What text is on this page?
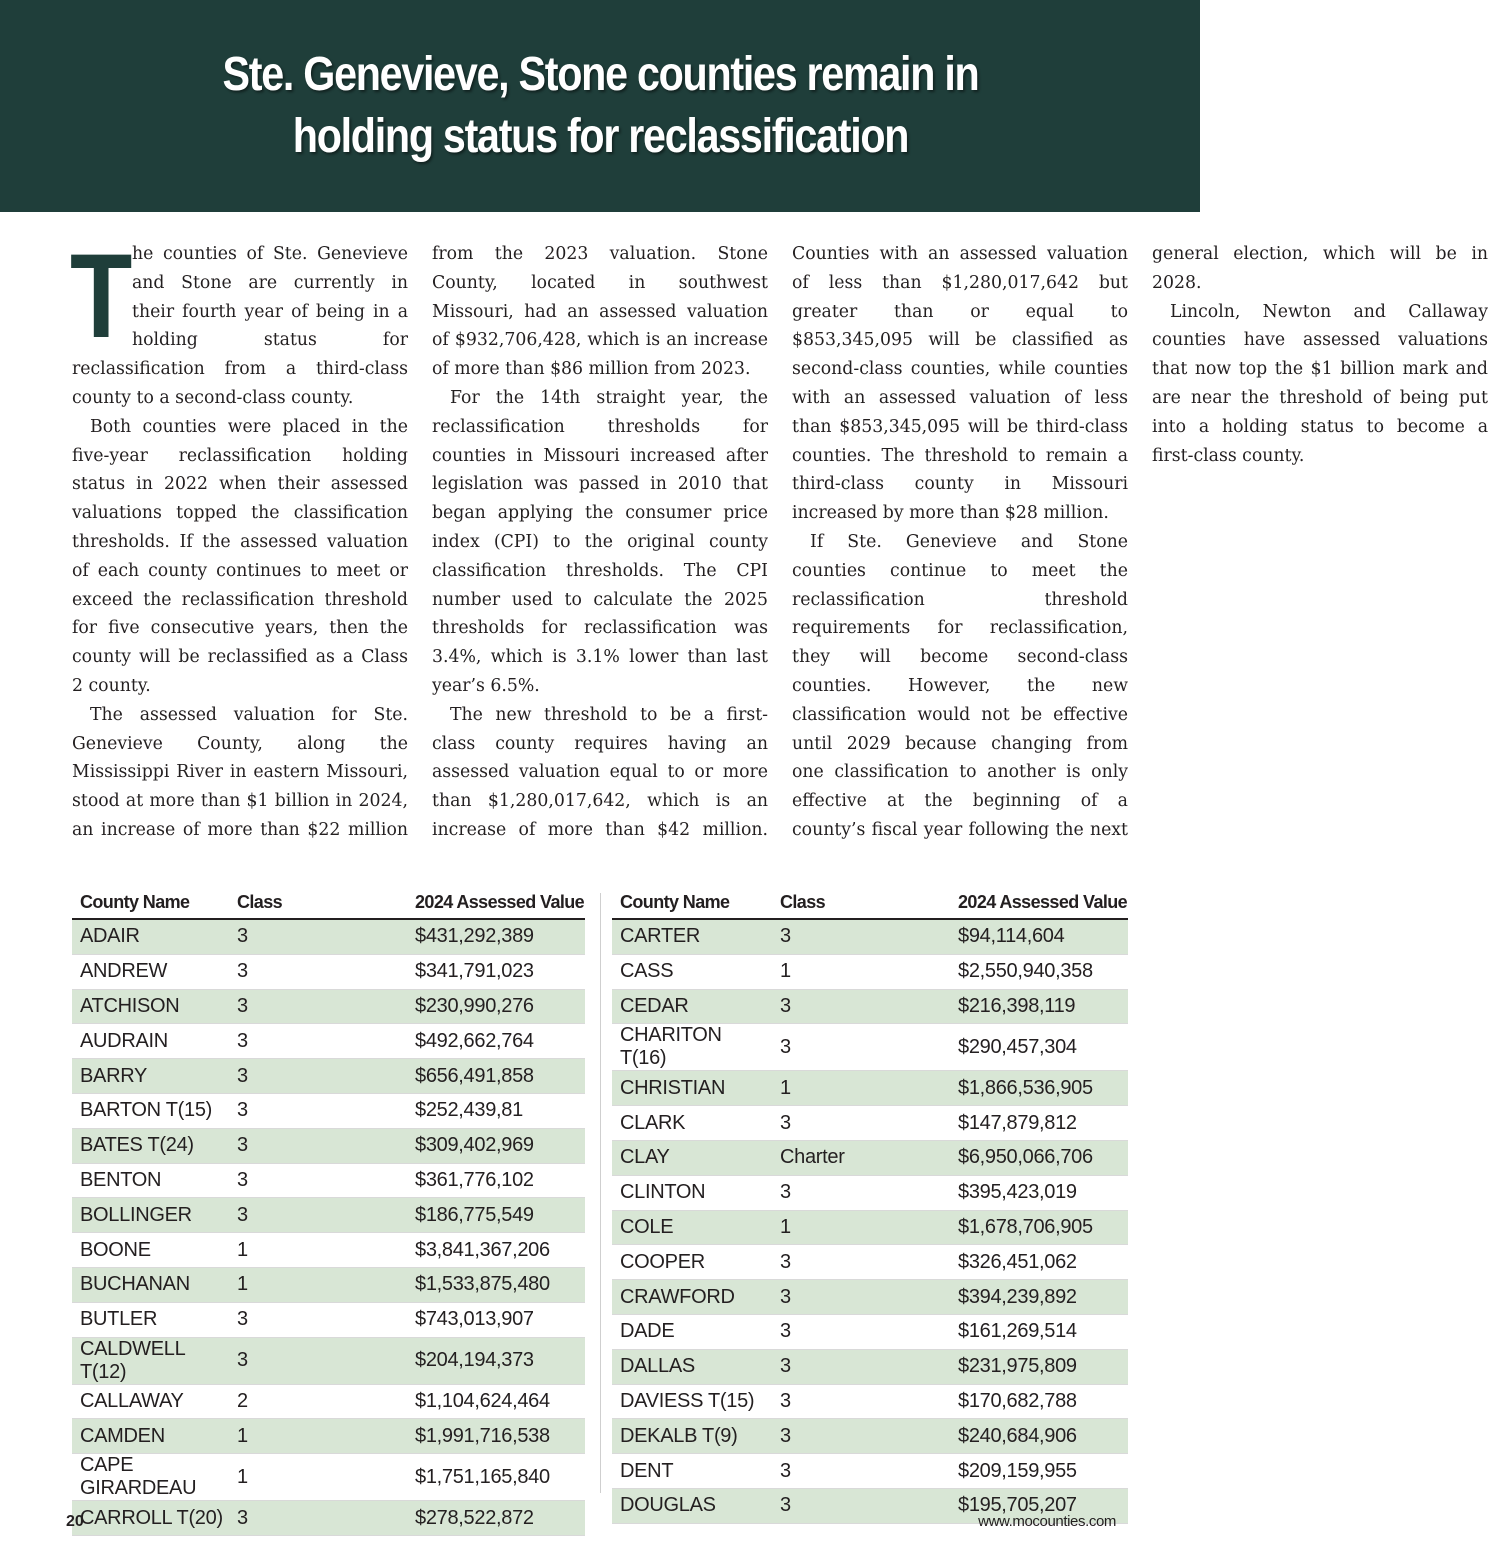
Ste. Genevieve, Stone counties remain in
holding status for reclassification

The counties of Ste. Genevieve and Stone are currently in their fourth year of being in a holding status for reclassification from a third-class county to a second-class county.

Both counties were placed in the five-year reclassification holding status in 2022 when their assessed valuations topped the classification thresholds. If the assessed valuation of each county continues to meet or exceed the reclassification threshold for five consecutive years, then the county will be reclassified as a Class 2 county.

The assessed valuation for Ste. Genevieve County, along the Mississippi River in eastern Missouri, stood at more than $1 billion in 2024, an increase of more than $22 million from the 2023 valuation. Stone County, located in southwest Missouri, had an assessed valuation of $932,706,428, which is an increase of more than $86 million from 2023.

For the 14th straight year, the reclassification thresholds for counties in Missouri increased after legislation was passed in 2010 that began applying the consumer price index (CPI) to the original county classification thresholds. The CPI number used to calculate the 2025 thresholds for reclassification was 3.4%, which is 3.1% lower than last year’s 6.5%.

The new threshold to be a first-class county requires having an assessed valuation equal to or more than $1,280,017,642, which is an increase of more than $42 million. Counties with an assessed valuation of less than $1,280,017,642 but greater than or equal to $853,345,095 will be classified as second-class counties, while counties with an assessed valuation of less than $853,345,095 will be third-class counties. The threshold to remain a third-class county in Missouri increased by more than $28 million.

If Ste. Genevieve and Stone counties continue to meet the reclassification threshold requirements for reclassification, they will become second-class counties. However, the new classification would not be effective until 2029 because changing from one classification to another is only effective at the beginning of a county’s fiscal year following the next general election, which will be in 2028.

Lincoln, Newton and Callaway counties have assessed valuations that now top the $1 billion mark and are near the threshold of being put into a holding status to become a first-class county.

County Name	Class	2024 Assessed Value
ADAIR	3	$431,292,389
ANDREW	3	$341,791,023
ATCHISON	3	$230,990,276
AUDRAIN	3	$492,662,764
BARRY	3	$656,491,858
BARTON T(15)	3	$252,439,81
BATES T(24)	3	$309,402,969
BENTON	3	$361,776,102
BOLLINGER	3	$186,775,549
BOONE	1	$3,841,367,206
BUCHANAN	1	$1,533,875,480
BUTLER	3	$743,013,907
CALDWELL T(12)	3	$204,194,373
CALLAWAY	2	$1,104,624,464
CAMDEN	1	$1,991,716,538
CAPE GIRARDEAU	1	$1,751,165,840
CARROLL T(20)	3	$278,522,872
County Name	Class	2024 Assessed Value
CARTER	3	$94,114,604
CASS	1	$2,550,940,358
CEDAR	3	$216,398,119
CHARITON T(16)	3	$290,457,304
CHRISTIAN	1	$1,866,536,905
CLARK	3	$147,879,812
CLAY	Charter	$6,950,066,706
CLINTON	3	$395,423,019
COLE	1	$1,678,706,905
COOPER	3	$326,451,062
CRAWFORD	3	$394,239,892
DADE	3	$161,269,514
DALLAS	3	$231,975,809
DAVIESS T(15)	3	$170,682,788
DEKALB T(9)	3	$240,684,906
DENT	3	$209,159,955
DOUGLAS	3	$195,705,207
20	www.mocounties.com
